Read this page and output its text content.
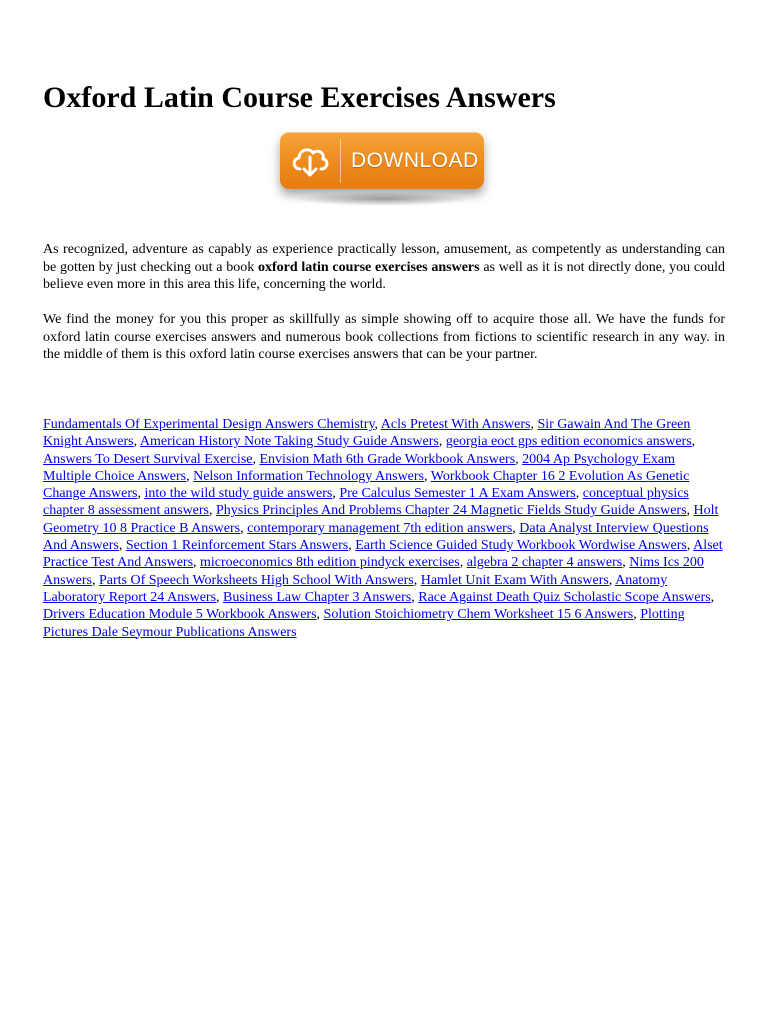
Oxford Latin Course Exercises Answers
DOWNLOAD

As recognized, adventure as capably as experience practically lesson, amusement, as competently as understanding can be gotten by just checking out a book oxford latin course exercises answers as well as it is not directly done, you could believe even more in this area this life, concerning the world.

We find the money for you this proper as skillfully as simple showing off to acquire those all. We have the funds for oxford latin course exercises answers and numerous book collections from fictions to scientific research in any way. in the middle of them is this oxford latin course exercises answers that can be your partner.

Fundamentals Of Experimental Design Answers Chemistry, Acls Pretest With Answers, Sir Gawain And The Green Knight Answers, American History Note Taking Study Guide Answers, georgia eoct gps edition economics answers, Answers To Desert Survival Exercise, Envision Math 6th Grade Workbook Answers, 2004 Ap Psychology Exam Multiple Choice Answers, Nelson Information Technology Answers, Workbook Chapter 16 2 Evolution As Genetic Change Answers, into the wild study guide answers, Pre Calculus Semester 1 A Exam Answers, conceptual physics chapter 8 assessment answers, Physics Principles And Problems Chapter 24 Magnetic Fields Study Guide Answers, Holt Geometry 10 8 Practice B Answers, contemporary management 7th edition answers, Data Analyst Interview Questions And Answers, Section 1 Reinforcement Stars Answers, Earth Science Guided Study Workbook Wordwise Answers, Alset Practice Test And Answers, microeconomics 8th edition pindyck exercises, algebra 2 chapter 4 answers, Nims Ics 200 Answers, Parts Of Speech Worksheets High School With Answers, Hamlet Unit Exam With Answers, Anatomy Laboratory Report 24 Answers, Business Law Chapter 3 Answers, Race Against Death Quiz Scholastic Scope Answers, Drivers Education Module 5 Workbook Answers, Solution Stoichiometry Chem Worksheet 15 6 Answers, Plotting Pictures Dale Seymour Publications Answers
